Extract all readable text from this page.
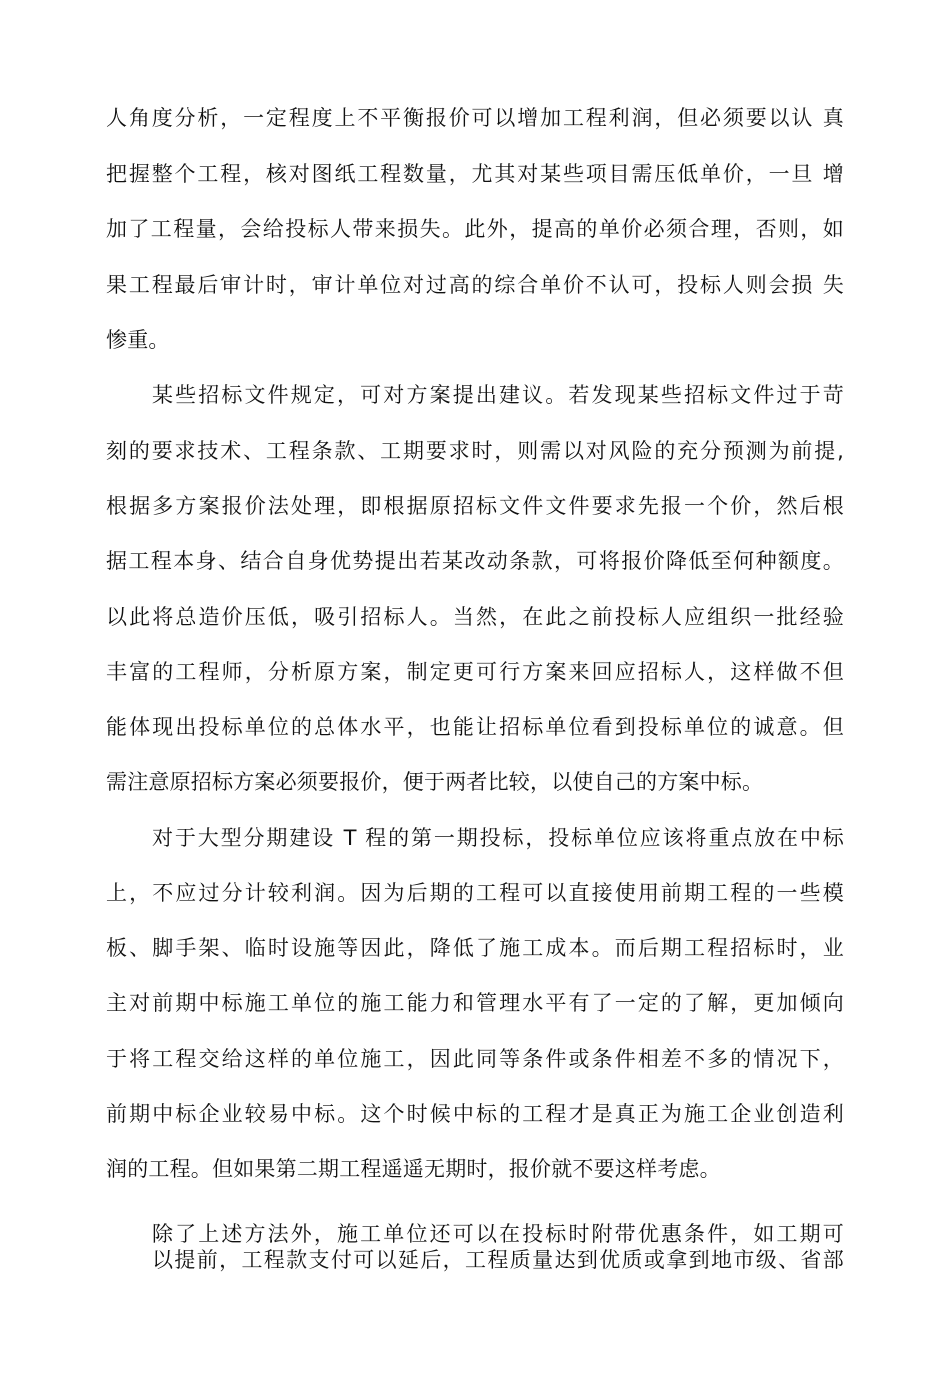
人角度分析，一定程度上不平衡报价可以增加工程利润，但必须要以认 真
把握整个工程，核对图纸工程数量，尤其对某些项目需压低单价，一旦 增
加了工程量，会给投标人带来损失。此外，提高的单价必须合理，否则，如
果工程最后审计时，审计单位对过高的综合单价不认可，投标人则会损 失
惨重。
某些招标文件规定，可对方案提出建议。若发现某些招标文件过于苛
刻的要求技术、工程条款、工期要求时，则需以对风险的充分预测为前提,
根据多方案报价法处理，即根据原招标文件文件要求先报一个价，然后根
据工程本身、结合自身优势提出若某改动条款，可将报价降低至何种额度。
以此将总造价压低，吸引招标人。当然，在此之前投标人应组织一批经验
丰富的工程师，分析原方案，制定更可行方案来回应招标人，这样做不但
能体现出投标单位的总体水平，也能让招标单位看到投标单位的诚意。但
需注意原招标方案必须要报价，便于两者比较，以使自己的方案中标。
对于大型分期建设 T 程的第一期投标，投标单位应该将重点放在中标
上，不应过分计较利润。因为后期的工程可以直接使用前期工程的一些模
板、脚手架、临时设施等因此，降低了施工成本。而后期工程招标时，业
主对前期中标施工单位的施工能力和管理水平有了一定的了解，更加倾向
于将工程交给这样的单位施工，因此同等条件或条件相差不多的情况下，
前期中标企业较易中标。这个时候中标的工程才是真正为施工企业创造利
润的工程。但如果第二期工程遥遥无期时，报价就不要这样考虑。
除了上述方法外，施工单位还可以在投标时附带优惠条件，如工期可
以提前，工程款支付可以延后，工程质量达到优质或拿到地市级、省部
